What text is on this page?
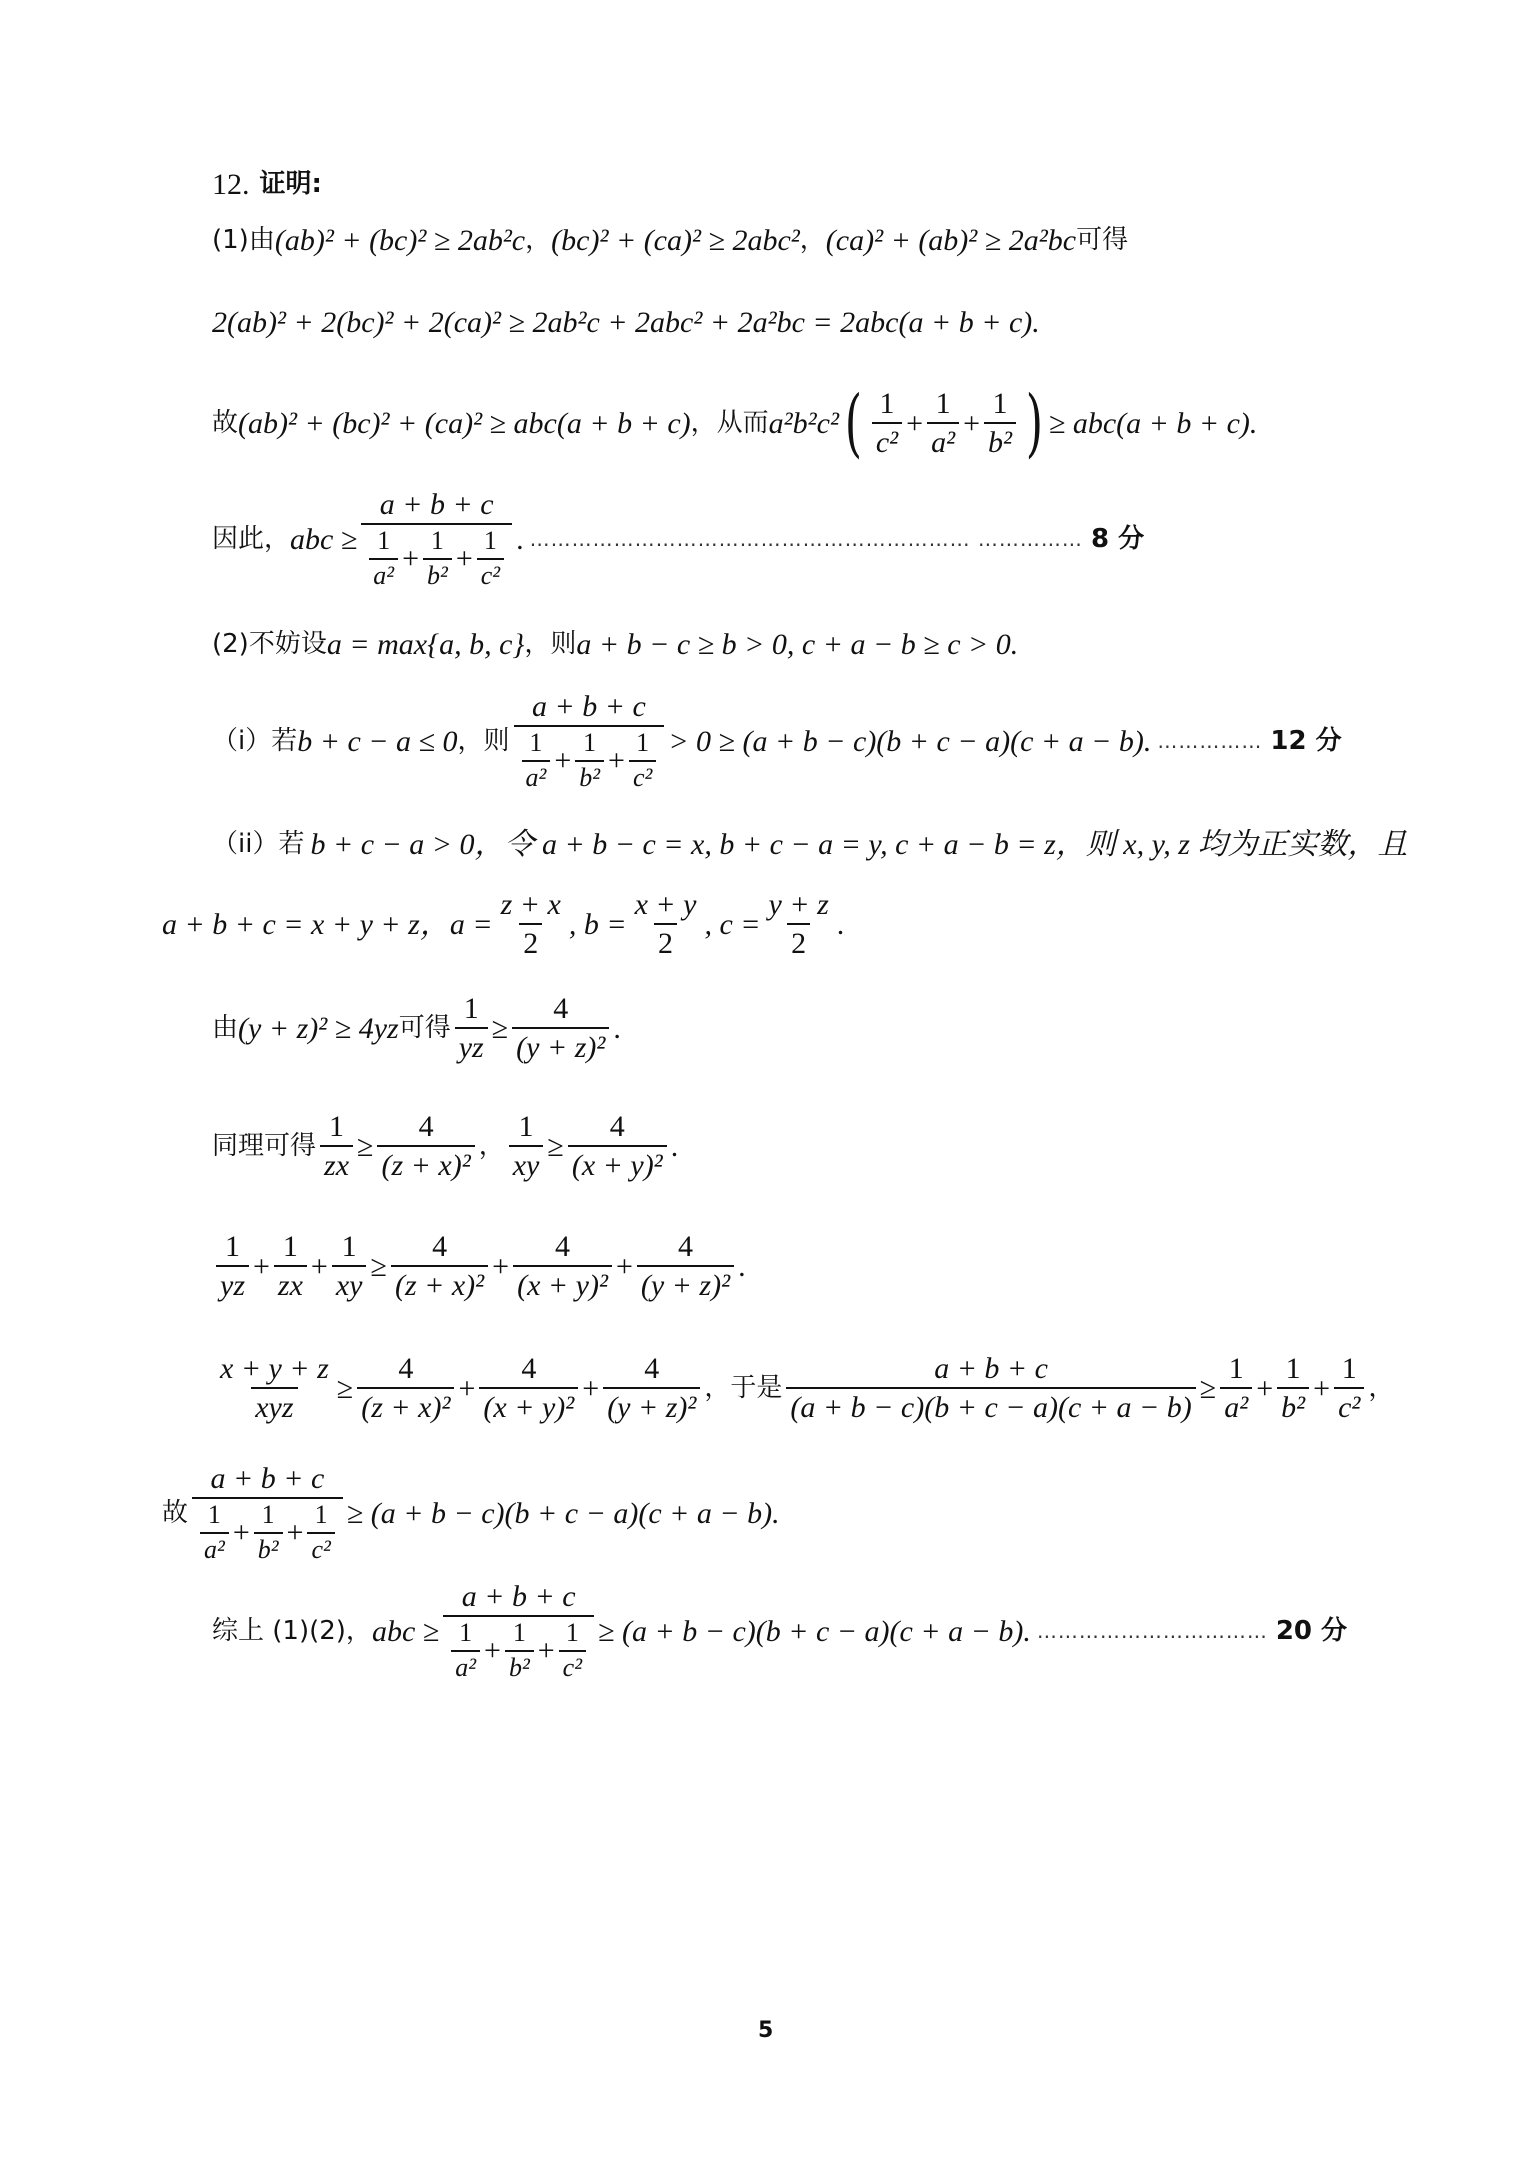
12. 证明:
(1)由 (ab)² + (bc)² ≥ 2ab²c ， (bc)² + (ca)² ≥ 2abc² ， (ca)² + (ab)² ≥ 2a²bc 可得
2(ab)² + 2(bc)² + 2(ca)² ≥ 2ab²c + 2abc² + 2a²bc = 2abc(a + b + c).
故 (ab)² + (bc)² + (ca)² ≥ abc(a + b + c) ，从而 a²b²c² ( $\frac{1}{\text{c²}} + \frac{1}{\text{a²}} + \frac{1}{\text{b²}}$ ) ≥ abc(a + b + c).
因此， abc ≥ $\frac{a + b + c}{\frac{1}{\text{a²}} + \frac{1}{\text{b²}} + \frac{1}{\text{c²}}}$ . ……………………………………………………… …………… 8 分
(2)不妨设 a = max{a, b, c} ，则 a + b − c ≥ b > 0, c + a − b ≥ c > 0.
（i）若 b + c − a ≤ 0 ，则 $\frac{a + b + c}{\frac{1}{\text{a²}} + \frac{1}{\text{b²}} + \frac{1}{\text{c²}}} > 0 \ge (a + b - c)(b + c - a)(c + a - b)$. …………… 12 分
（ii）若 b + c − a > 0，令 a + b − c = x, b + c − a = y, c + a − b = z，则 x, y, z 均为正实数，且
a + b + c = x + y + z， $a = \frac{z + x}{2}$ , $b = \frac{x + y}{2}$ , $c = \frac{y + z}{2}$ .
由 (y + z)² ≥ 4yz 可得 $\frac{1}{yz} \ge \frac{4}{\text{(y + z)²}}$ .
同理可得 $\frac{1}{zx} \ge \frac{4}{\text{(z + x)²}}$ ， $\frac{1}{xy} \ge \frac{4}{\text{(x + y)²}}$ .
$\frac{1}{yz} + \frac{1}{zx} + \frac{1}{xy} \ge \frac{4}{\text{(z + x)²}} + \frac{4}{\text{(x + y)²}} + \frac{4}{\text{(y + z)²}}$ .
$\frac{x + y + z}{\text{xyz}} \ge \frac{4}{\text{(z + x)²}} + \frac{4}{\text{(x + y)²}} + \frac{4}{\text{(y + z)²}}$ ，于是 $\frac{a + b + c}{(a + b - c)(b + c - a)(c + a - b)} \ge \frac{1}{\text{a²}} + \frac{1}{\text{b²}} + \frac{1}{\text{c²}}$ ，
故 $\frac{a + b + c}{\frac{1}{\text{a²}} + \frac{1}{\text{b²}} + \frac{1}{\text{c²}}} \ge (a + b - c)(b + c - a)(c + a - b)$.
综上 (1)(2)， abc ≥ $\frac{a + b + c}{\frac{1}{\text{a²}} + \frac{1}{\text{b²}} + \frac{1}{\text{c²}}} \ge (a + b - c)(b + c - a)(c + a - b)$. …………………………… 20 分
5
